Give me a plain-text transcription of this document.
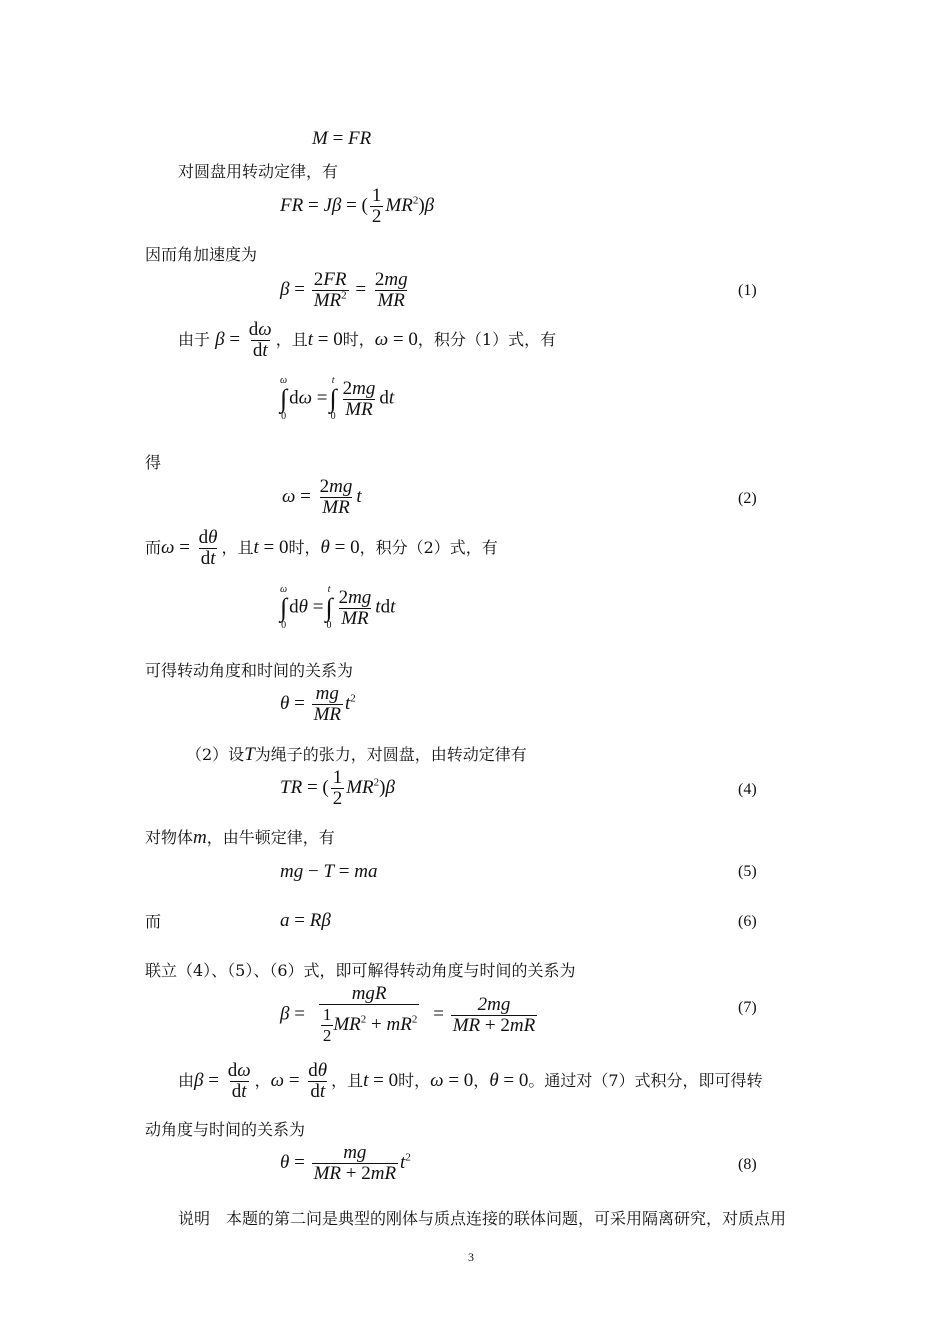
M = FR
对圆盘用转动定律，有
FR = Jβ = ( $\frac{1}{2} MR^2)\beta$
因而角加速度为
$\beta = \frac{2FR}{MR^2} = \frac{2mg}{MR}$	(1)
由于 $\beta = \frac{d\omega}{dt}$ ，且t = 0时，ω = 0，积分（1）式，有
ω
∫
0
dω =
t
∫
$0 \frac{2mg}{MR}$ dt
得
$\omega = \frac{2mg}{MR}$ t	(2)
而$\omega = \frac{d\theta}{dt}$ ，且t = 0时，θ = 0，积分（2）式，有
ω
∫
0
dθ =
t
∫
$0 \frac{2mg}{MR}$ tdt
可得转动角度和时间的关系为
$\theta = \frac{mg}{MR} t^2$
（2）设T为绳子的张力，对圆盘，由转动定律有
TR = ( $\frac{1}{2} MR^2)\beta$	(4)
对物体m，由牛顿定律，有
mg − T = ma	(5)
而	a = Rβ	(6)
联立（4）、（5）、（6）式，即可解得转动角度与时间的关系为
$\beta = \frac{\text{mgR}}{\frac{1}{2} MR^2 + mR^2} = \frac{2mg}{MR + 2mR}$	(7)
由$\beta = \frac{d\omega}{dt}$ ，$\omega = \frac{d\theta}{dt}$ ，且t = 0时，ω = 0，θ = 0。通过对（7）式积分，即可得转
动角度与时间的关系为
$\theta = \frac{mg}{MR + 2mR} t^2$	(8)
说明　本题的第二问是典型的刚体与质点连接的联体问题，可采用隔离研究，对质点用
3
